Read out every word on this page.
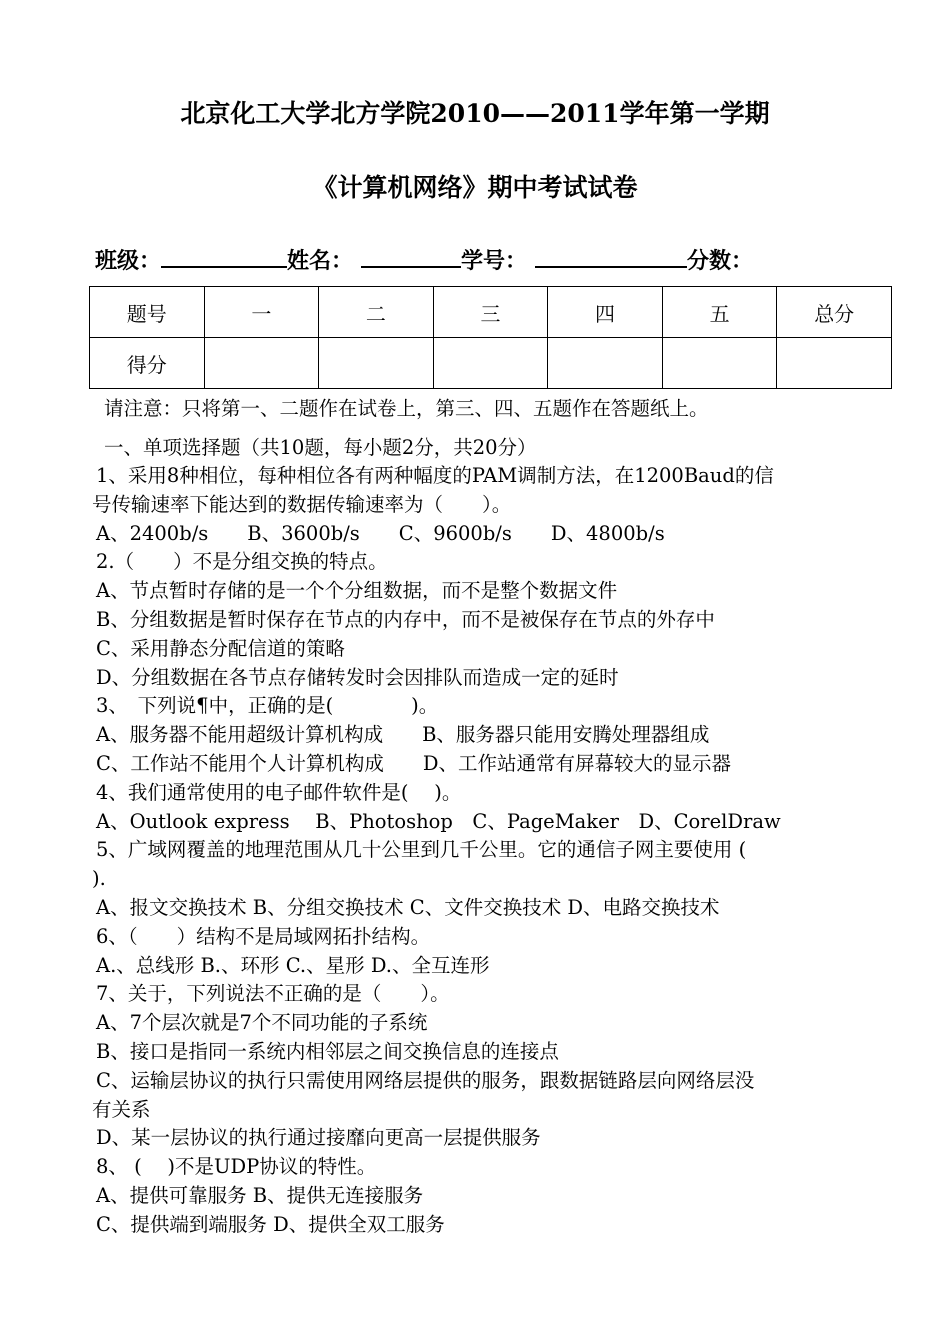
北京化工大学北方学院2010——2011学年第一学期
《计算机网络》期中考试试卷
班级：	姓名：	学号：	分数：
题号	一	二	三	四	五	总分
得分						
请注意：只将第一、二题作在试卷上，第三、四、五题作在答题纸上。
一、单项选择题（共10题，每小题2分，共20分）
1、采用8种相位，每种相位各有两种幅度的PAM调制方法，在1200Baud的信
号传输速率下能达到的数据传输速率为（　　）。
A、2400b/s　　B、3600b/s　　C、9600b/s　　D、4800b/s
2.（　　）不是分组交换的特点。
A、节点暂时存储的是一个个分组数据，而不是整个数据文件
B、分组数据是暂时保存在节点的内存中，而不是被保存在节点的外存中
C、采用静态分配信道的策略
D、分组数据在各节点存储转发时会因排队而造成一定的延时
3、　下列说¶中，正确的是(　　　　)。
A、服务器不能用超级计算机构成　　B、服务器只能用安腾处理器组成
C、工作站不能用个人计算机构成　　D、工作站通常有屏幕较大的显示器
4、我们通常使用的电子邮件软件是(　 )。
A、Outlook express　 B、Photoshop　C、PageMaker　D、CorelDraw
5、广域网覆盖的地理范围从几十公里到几千公里。它的通信子网主要使用 (
).
A、报文交换技术 B、分组交换技术 C、文件交换技术 D、电路交换技术
6、（　　）结构不是局域网拓扑结构。
A.、总线形 B.、环形 C.、星形 D.、全互连形
7、关于，下列说法不正确的是（　　）。
A、7个层次就是7个不同功能的子系统
B、接口是指同一系统内相邻层之间交换信息的连接点
C、运输层协议的执行只需使用网络层提供的服务，跟数据链路层向网络层没
有关系
D、某一层协议的执行通过接靡向更高一层提供服务
8、 (　 )不是UDP协议的特性。
A、提供可靠服务 B、提供无连接服务
C、提供端到端服务 D、提供全双工服务
